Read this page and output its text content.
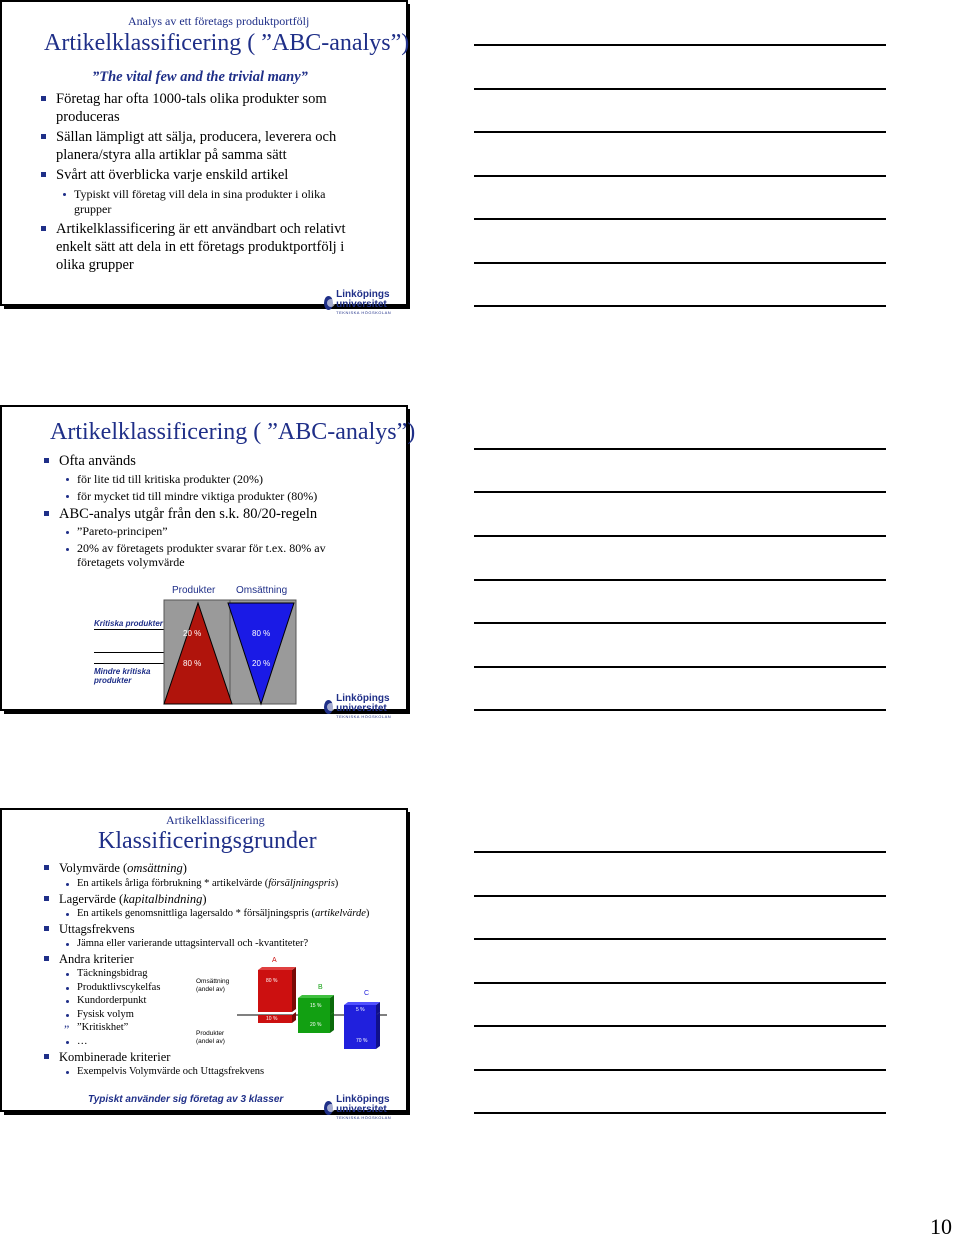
Analys av ett företags produktportfölj
Artikelklassificering ( ”ABC-analys”)
”The vital few and the trivial many”
Företag har ofta 1000-tals olika produkter som
produceras
Sällan lämpligt att sälja, producera, leverera och
planera/styra alla artiklar på samma sätt
Svårt att överblicka varje enskild artikel
Typiskt vill företag vill dela in sina produkter i olika
grupper
Artikelklassificering är ett användbart och relativt
enkelt sätt att dela in ett företags produktportfölj i
olika grupper
Linköpings universitet
TEKNISKA HÖGSKOLAN
Artikelklassificering ( ”ABC-analys”)
Ofta används
för lite tid till kritiska produkter (20%)
för mycket tid till mindre viktiga produkter (80%)
ABC-analys utgår från den s.k. 80/20-regeln
”Pareto-principen”
20% av företagets produkter svarar för t.ex. 80% av
företagets volymvärde
Produkter Omsättning
Kritiska produkter
Mindre kritiska
produkter
20 %	80 %
80 %	20 %
Linköpings universitet
TEKNISKA HÖGSKOLAN
Artikelklassificering
Klassificeringsgrunder
Volymvärde (omsättning)
En artikels årliga förbrukning * artikelvärde (försäljningspris)
Lagervärde (kapitalbindning)
En artikels genomsnittliga lagersaldo * försäljningspris (artikelvärde)
Uttagsfrekvens
Jämna eller varierande uttagsintervall och -kvantiteter?
Andra kriterier
Täckningsbidrag
Produktlivscykelfas
Kundorderpunkt
Fysisk volym
” ”Kritiskhet”
…
Kombinerade kriterier
Exempelvis Volymvärde och Uttagsfrekvens
Omsättning
(andel av)
Produkter
(andel av)
A
B
C
80 %
10 %
15 %
20 %
5 %
70 %
Typiskt använder sig företag av 3 klasser	Linköpings universitet
TEKNISKA HÖGSKOLAN
10
